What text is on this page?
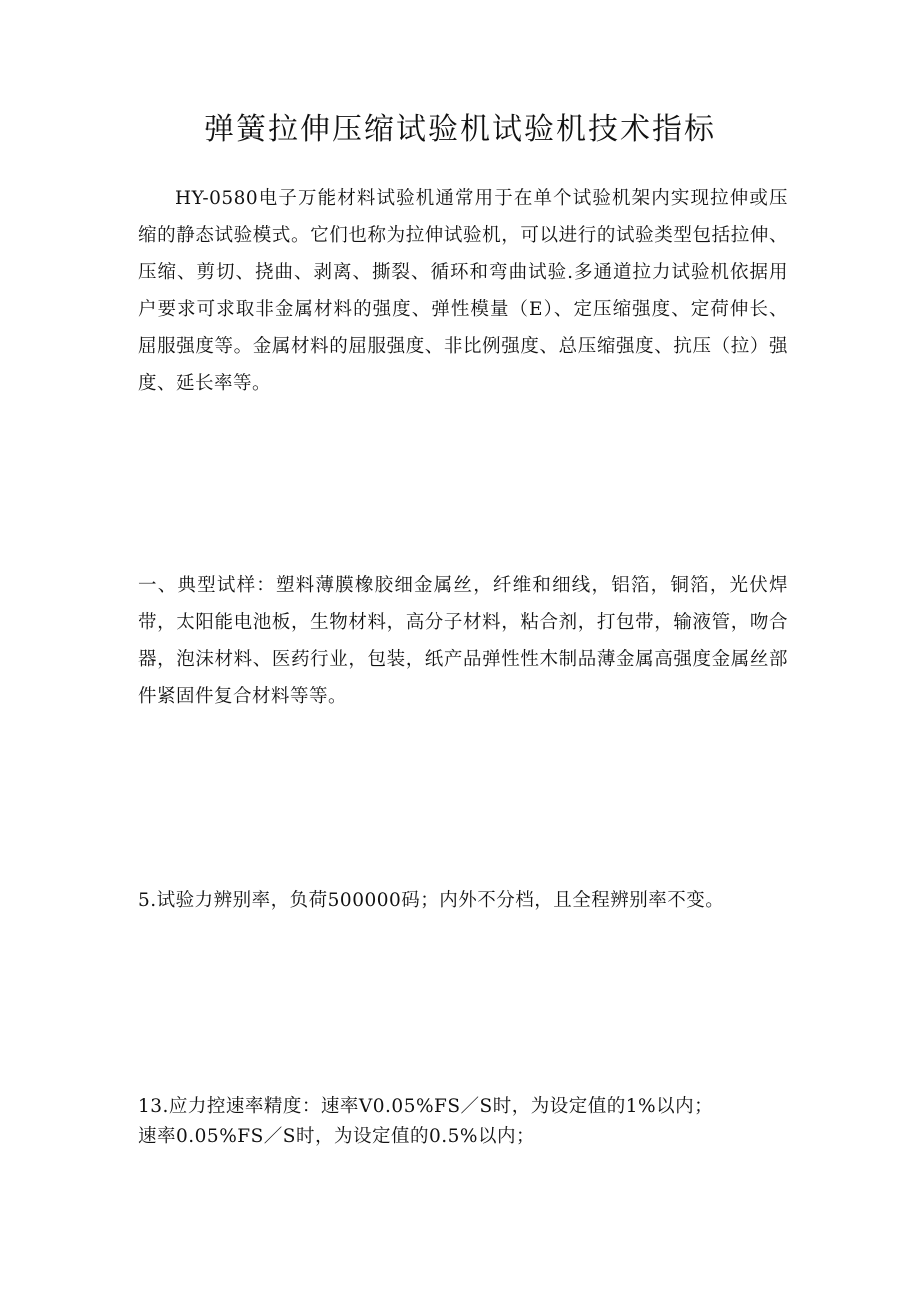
弹簧拉伸压缩试验机试验机技术指标

HY-0580电子万能材料试验机通常用于在单个试验机架内实现拉伸或压缩的静态试验模式。它们也称为拉伸试验机，可以进行的试验类型包括拉伸、压缩、剪切、挠曲、剥离、撕裂、循环和弯曲试验.多通道拉力试验机依据用户要求可求取非金属材料的强度、弹性模量（E）、定压缩强度、定荷伸长、屈服强度等。金属材料的屈服强度、非比例强度、总压缩强度、抗压（拉）强度、延长率等。

一、典型试样：塑料薄膜橡胶细金属丝，纤维和细线，铝箔，铜箔，光伏焊带，太阳能电池板，生物材料，高分子材料，粘合剂，打包带，输液管，吻合器，泡沫材料、医药行业，包装，纸产品弹性性木制品薄金属高强度金属丝部件紧固件复合材料等等。

5.试验力辨别率，负荷500000码；内外不分档，且全程辨别率不变。

13.应力控速率精度：速率V0.05%FS／S时，为设定值的1%以内；
速率0.05%FS／S时，为设定值的0.5%以内；
